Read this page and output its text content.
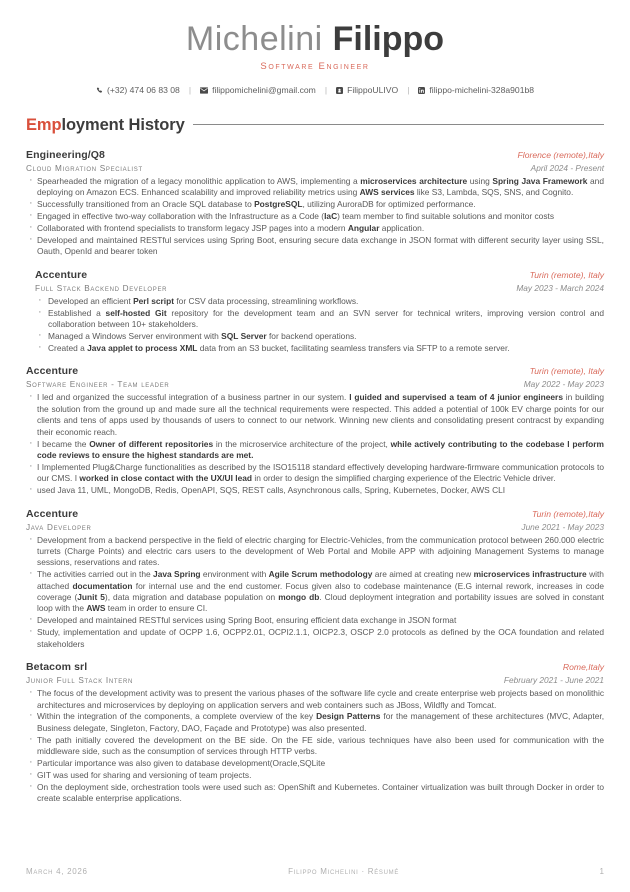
Michelini Filippo
Software Engineer
(+32) 474 06 83 08	|	filippomichelini@gmail.com	|	FilippoULIVO	|	filippo-michelini-328a901b8
Employment History
Engineering/Q8	Florence (remote),Italy
Cloud Migration Specialist	April 2024 - Present
· Spearheaded the migration of a legacy monolithic application to AWS, implementing a microservices architecture using Spring Java Framework and deploying on Amazon ECS. Enhanced scalability and improved reliability metrics using AWS services like S3, Lambda, SQS, SNS, and Cognito.
· Successfully transitioned from an Oracle SQL database to PostgreSQL, utilizing AuroraDB for optimized performance.
· Engaged in effective two-way collaboration with the Infrastructure as a Code (IaC) team member to find suitable solutions and monitor costs
· Collaborated with frontend specialists to transform legacy JSP pages into a modern Angular application.
· Developed and maintained RESTful services using Spring Boot, ensuring secure data exchange in JSON format with different security layer using SSL, Oauth, OpenId and bearer token
Accenture	Turin (remote), Italy
Full Stack Backend Developer	May 2023 - March 2024
· Developed an efficient Perl script for CSV data processing, streamlining workflows.
· Established a self-hosted Git repository for the development team and an SVN server for technical writers, improving version control and collaboration between 10+ stakeholders.
· Managed a Windows Server environment with SQL Server for backend operations.
· Created a Java applet to process XML data from an S3 bucket, facilitating seamless transfers via SFTP to a remote server.
Accenture	Turin (remote), Italy
Software Engineer - Team leader	May 2022 - May 2023
· I led and organized the successful integration of a business partner in our system. I guided and supervised a team of 4 junior engineers in building the solution from the ground up and made sure all the technical requirements were respected. This added a potential of 100k EV charge points for our clients and tens of apps used by thousands of users to connect to our network. Winning new clients and consolidating present contracst by expanding their economic reach.
· I became the Owner of different repositories in the microservice architecture of the project, while actively contributing to the codebase I perform code reviews to ensure the highest standards are met.
· I Implemented Plug&Charge functionalities as described by the ISO15118 standard effectively developing hardware-firmware communication protocols to our CMS. I worked in close contact with the UX/UI lead in order to design the simplified charging experience of the Electric Vehicle driver.
· used Java 11, UML, MongoDB, Redis, OpenAPI, SQS, REST calls, Asynchronous calls, Spring, Kubernetes, Docker, AWS CLI
Accenture	Turin (remote),Italy
Java Developer	June 2021 - May 2023
· Development from a backend perspective in the field of electric charging for Electric-Vehicles, from the communication protocol between 260.000 electric turrets (Charge Points) and electric cars users to the development of Web Portal and Mobile APP with adjoining Management Systems to manage sessions, reservations and rates.
· The activities carried out in the Java Spring environment with Agile Scrum methodology are aimed at creating new microservices infrastructure with attached documentation for internal use and the end customer. Focus given also to codebase maintenance (E.G internal rework, increases in code coverage (Junit 5), data migration and database population on mongo db. Cloud deployment integration and portability issues are solved in constant loop with the AWS team in order to ensure CI.
· Developed and maintained RESTful services using Spring Boot, ensuring efficient data exchange in JSON format
· Study, implementation and update of OCPP 1.6, OCPP2.01, OCPI2.1.1, OICP2.3, OSCP 2.0 protocols as defined by the OCA foundation and related stakeholders
Betacom srl	Rome,Italy
Junior Full Stack Intern	February 2021 - June 2021
· The focus of the development activity was to present the various phases of the software life cycle and create enterprise web projects based on monolithic architectures and microservices by deploying on application servers and web containers such as JBoss, Wildfly and Tomcat.
· Within the integration of the components, a complete overview of the key Design Patterns for the management of these architectures (MVC, Adapter, Business delegate, Singleton, Factory, DAO, Façade and Prototype) was also presented.
· The path initially covered the development on the BE side. On the FE side, various techniques have also been used for communication with the middleware side, such as the consumption of services through HTTP verbs.
· Particular importance was also given to database development(Oracle,SQLite
· GIT was used for sharing and versioning of team projects.
· On the deployment side, orchestration tools were used such as: OpenShift and Kubernetes. Container virtualization was built through Docker in order to create scalable enterprise applications.
March 4, 2026	Filippo Michelini · Résumé	1
